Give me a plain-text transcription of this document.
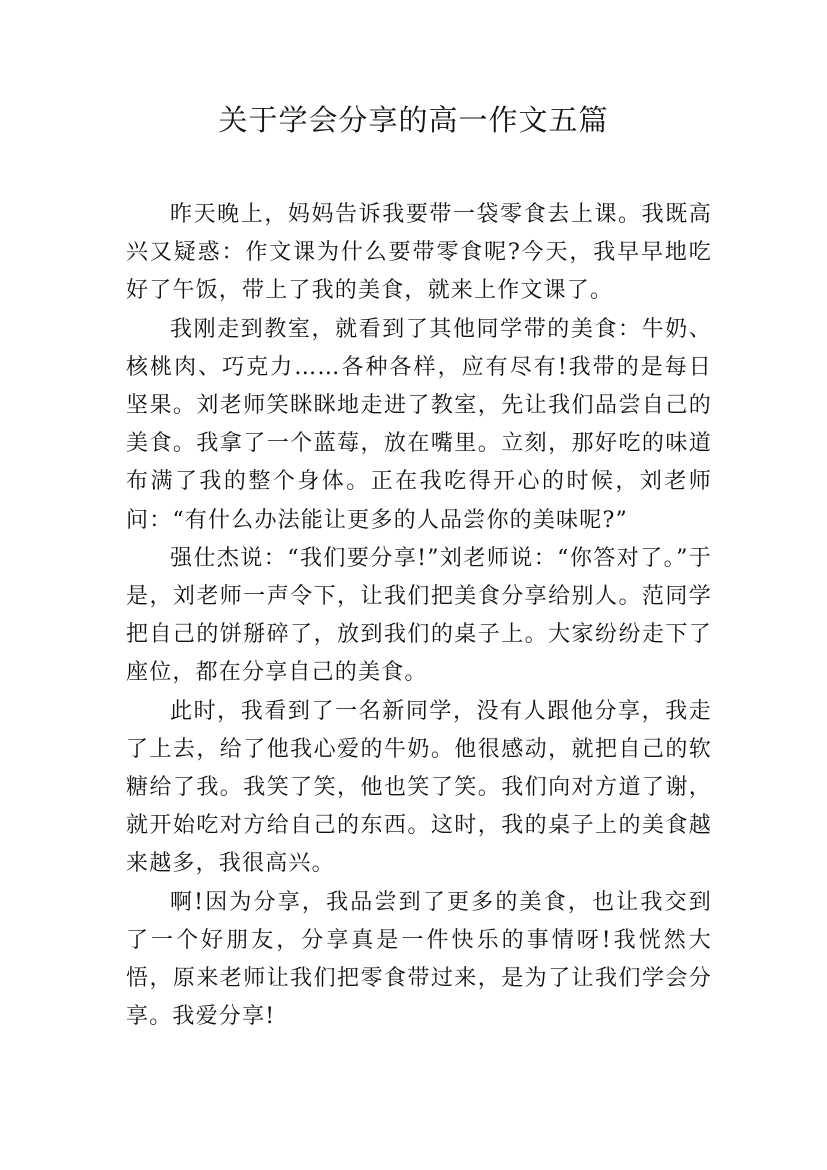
关于学会分享的高一作文五篇

昨天晚上，妈妈告诉我要带一袋零食去上课。我既高兴又疑惑：作文课为什么要带零食呢?今天，我早早地吃好了午饭，带上了我的美食，就来上作文课了。

我刚走到教室，就看到了其他同学带的美食：牛奶、核桃肉、巧克力……各种各样，应有尽有!我带的是每日坚果。刘老师笑眯眯地走进了教室，先让我们品尝自己的美食。我拿了一个蓝莓，放在嘴里。立刻，那好吃的味道布满了我的整个身体。正在我吃得开心的时候，刘老师问：“有什么办法能让更多的人品尝你的美味呢?”

强仕杰说：“我们要分享!”刘老师说：“你答对了。”于是，刘老师一声令下，让我们把美食分享给别人。范同学把自己的饼掰碎了，放到我们的桌子上。大家纷纷走下了座位，都在分享自己的美食。

此时，我看到了一名新同学，没有人跟他分享，我走了上去，给了他我心爱的牛奶。他很感动，就把自己的软糖给了我。我笑了笑，他也笑了笑。我们向对方道了谢，就开始吃对方给自己的东西。这时，我的桌子上的美食越来越多，我很高兴。

啊!因为分享，我品尝到了更多的美食，也让我交到了一个好朋友，分享真是一件快乐的事情呀!我恍然大悟，原来老师让我们把零食带过来，是为了让我们学会分享。我爱分享!
